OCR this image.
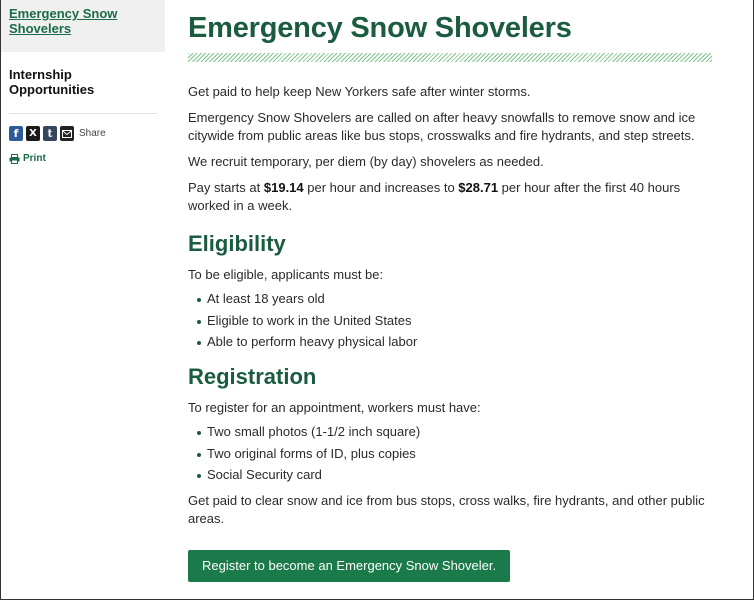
Emergency Snow Shovelers
Internship Opportunities
f	X t	Share
Print
Emergency Snow Shovelers

Get paid to help keep New Yorkers safe after winter storms.

Emergency Snow Shovelers are called on after heavy snowfalls to remove snow and ice citywide from public areas like bus stops, crosswalks and fire hydrants, and step streets.

We recruit temporary, per diem (by day) shovelers as needed.

Pay starts at $19.14 per hour and increases to $28.71 per hour after the first 40 hours worked in a week.

Eligibility

To be eligible, applicants must be:

At least 18 years old
Eligible to work in the United States
Able to perform heavy physical labor
Registration

To register for an appointment, workers must have:

Two small photos (1-1/2 inch square)
Two original forms of ID, plus copies
Social Security card

Get paid to clear snow and ice from bus stops, cross walks, fire hydrants, and other public areas.

Register to become an Emergency Snow Shoveler.
